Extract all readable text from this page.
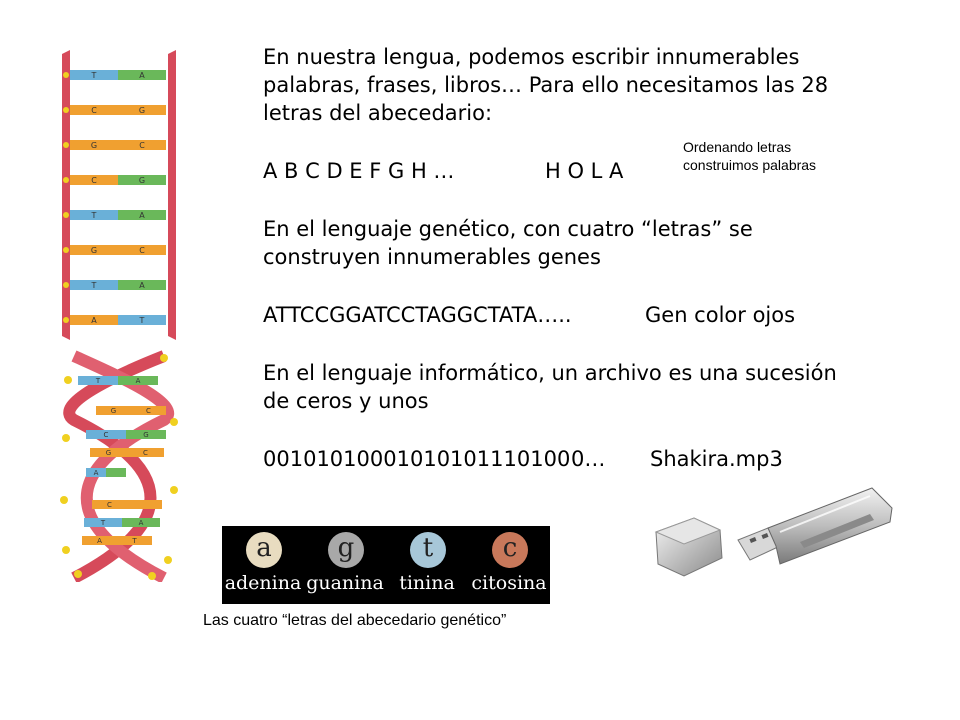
T	A
C	G
G	C
C	G
T	A
G	C
T	A
A	T
T	A
G	C
C	G
G	C
A
C
T	A
A	T
En nuestra lengua, podemos escribir innumerables
palabras, frases, libros… Para ello necesitamos las 28
letras del abecedario:
A B C D E F G H …	H O L A
Ordenando letras
construimos palabras
En el lenguaje genético, con cuatro “letras” se
construyen innumerables genes
ATTCCGGATCCTAGGCTATA…..	Gen color ojos
En el lenguaje informático, un archivo es una sucesión
de ceros y unos
00101010001010101110100 0… Shakira.mp3
a
adenina
g
guanina
t
tinina
c
citosina
Las cuatro “letras del abecedario genético”
